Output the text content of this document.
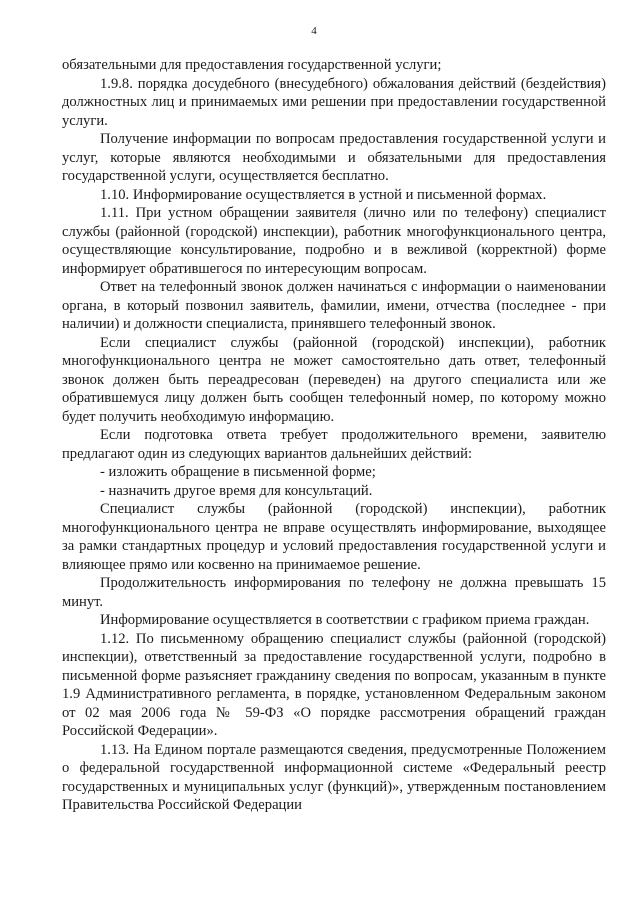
4

обязательными для предоставления государственной услуги;

1.9.8. порядка досудебного (внесудебного) обжалования действий (бездействия) должностных лиц и принимаемых ими решении при предоставлении государственной услуги.

Получение информации по вопросам предоставления государственной услуги и услуг, которые являются необходимыми и обязательными для предоставления государственной услуги, осуществляется бесплатно.

1.10. Информирование осуществляется в устной и письменной формах.

1.11. При устном обращении заявителя (лично или по телефону) специалист службы (районной (городской) инспекции), работник многофункционального центра, осуществляющие консультирование, подробно и в вежливой (корректной) форме информирует обратившегося по интересующим вопросам.

Ответ на телефонный звонок должен начинаться с информации о наименовании органа, в который позвонил заявитель, фамилии, имени, отчества (последнее - при наличии) и должности специалиста, принявшего телефонный звонок.

Если специалист службы (районной (городской) инспекции), работник многофункционального центра не может самостоятельно дать ответ, телефонный звонок должен быть переадресован (переведен) на другого специалиста или же обратившемуся лицу должен быть сообщен телефонный номер, по которому можно будет получить необходимую информацию.

Если подготовка ответа требует продолжительного времени, заявителю предлагают один из следующих вариантов дальнейших действий:

- изложить обращение в письменной форме;

- назначить другое время для консультаций.

Специалист службы (районной (городской) инспекции), работник многофункционального центра не вправе осуществлять информирование, выходящее за рамки стандартных процедур и условий предоставления государственной услуги и влияющее прямо или косвенно на принимаемое решение.

Продолжительность информирования по телефону не должна превышать 15 минут.

Информирование осуществляется в соответствии с графиком приема граждан.

1.12. По письменному обращению специалист службы (районной (городской) инспекции), ответственный за предоставление государственной услуги, подробно в письменной форме разъясняет гражданину сведения по вопросам, указанным в пункте 1.9 Административного регламента, в порядке, установленном Федеральным законом от 02 мая 2006 года № 59-ФЗ «О порядке рассмотрения обращений граждан Российской Федерации».

1.13. На Едином портале размещаются сведения, предусмотренные Положением о федеральной государственной информационной системе «Федеральный реестр государственных и муниципальных услуг (функций)», утвержденным постановлением Правительства Российской Федерации
